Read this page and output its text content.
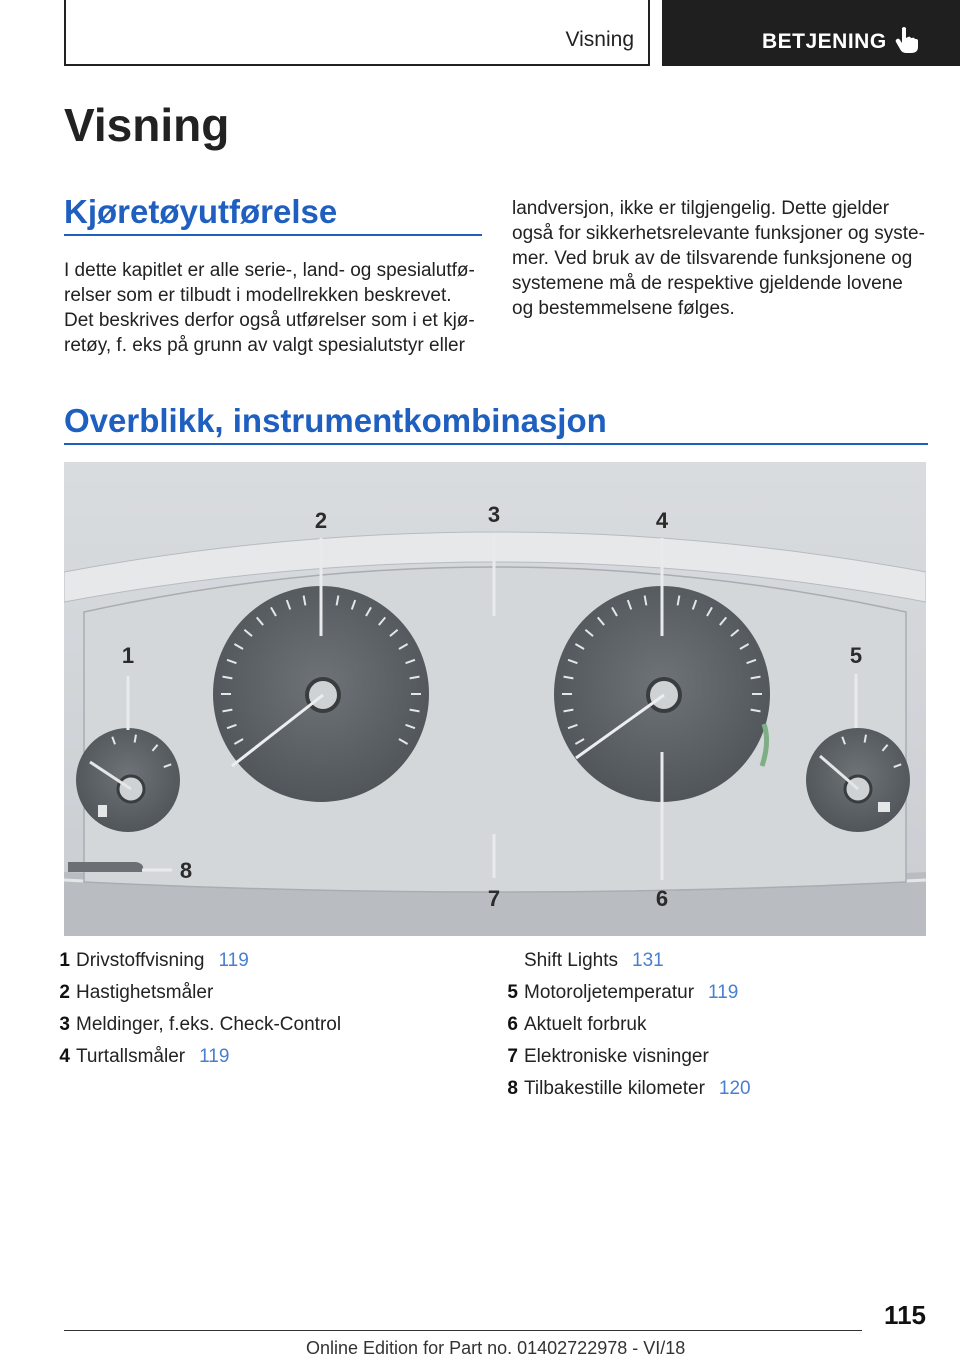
Visning	BETJENING
Visning
Kjøretøyutførelse
I dette kapitlet er alle serie-, land- og spesialutfø-
relser som er tilbudt i modellrekken beskrevet.
Det beskrives derfor også utførelser som i et kjø-
retøy, f. eks på grunn av valgt spesialutstyr eller
landversjon, ikke er tilgjengelig. Dette gjelder
også for sikkerhetsrelevante funksjoner og syste-
mer. Ved bruk av de tilsvarende funksjonene og
systemene må de respektive gjeldende lovene
og bestemmelsene følges.
Overblikk, instrumentkombinasjon
1
2	3	4
5
6
7
8
1 Drivstoffvisning 119
2 Hastighetsmåler
3 Meldinger, f.eks. Check-Control
4 Turtallsmåler 119
Shift Lights 131
5 Motoroljetemperatur 119
6 Aktuelt forbruk
7 Elektroniske visninger
8 Tilbakestille kilometer 120
115
Online Edition for Part no. 01402722978 - VI/18
